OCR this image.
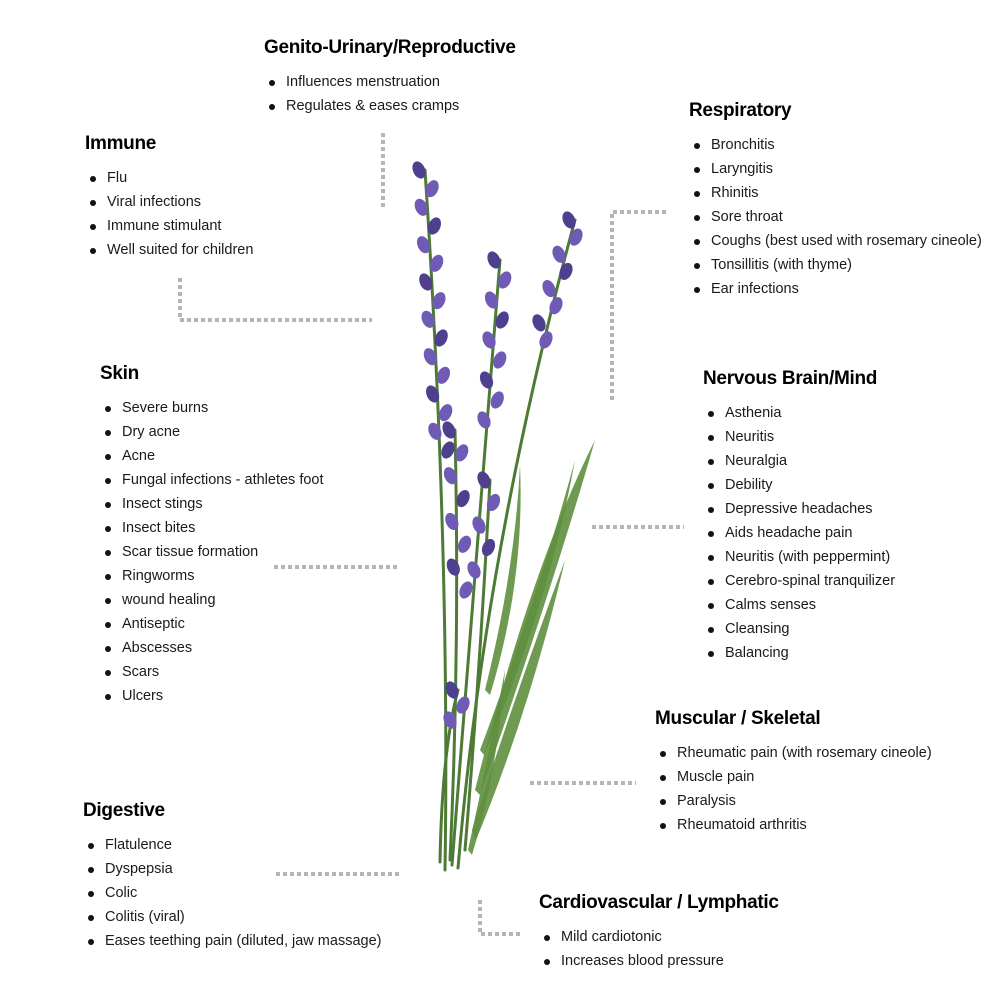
Genito-Urinary/Reproductive
Influences menstruation
Regulates & eases cramps
Immune
Flu
Viral infections
Immune stimulant
Well suited for children
Respiratory
Bronchitis
Laryngitis
Rhinitis
Sore throat
Coughs (best used with rosemary cineole)
Tonsillitis (with thyme)
Ear infections
Skin
Severe burns
Dry acne
Acne
Fungal infections - athletes foot
Insect stings
Insect bites
Scar tissue formation
Ringworms
wound healing
Antiseptic
Abscesses
Scars
Ulcers
Nervous Brain/Mind
Asthenia
Neuritis
Neuralgia
Debility
Depressive headaches
Aids headache pain
Neuritis (with peppermint)
Cerebro-spinal tranquilizer
Calms senses
Cleansing
Balancing
Muscular / Skeletal
Rheumatic pain (with rosemary cineole)
Muscle pain
Paralysis
Rheumatoid arthritis
Digestive
Flatulence
Dyspepsia
Colic
Colitis (viral)
Eases teething pain (diluted, jaw massage)
Cardiovascular / Lymphatic
Mild cardiotonic
Increases blood pressure
